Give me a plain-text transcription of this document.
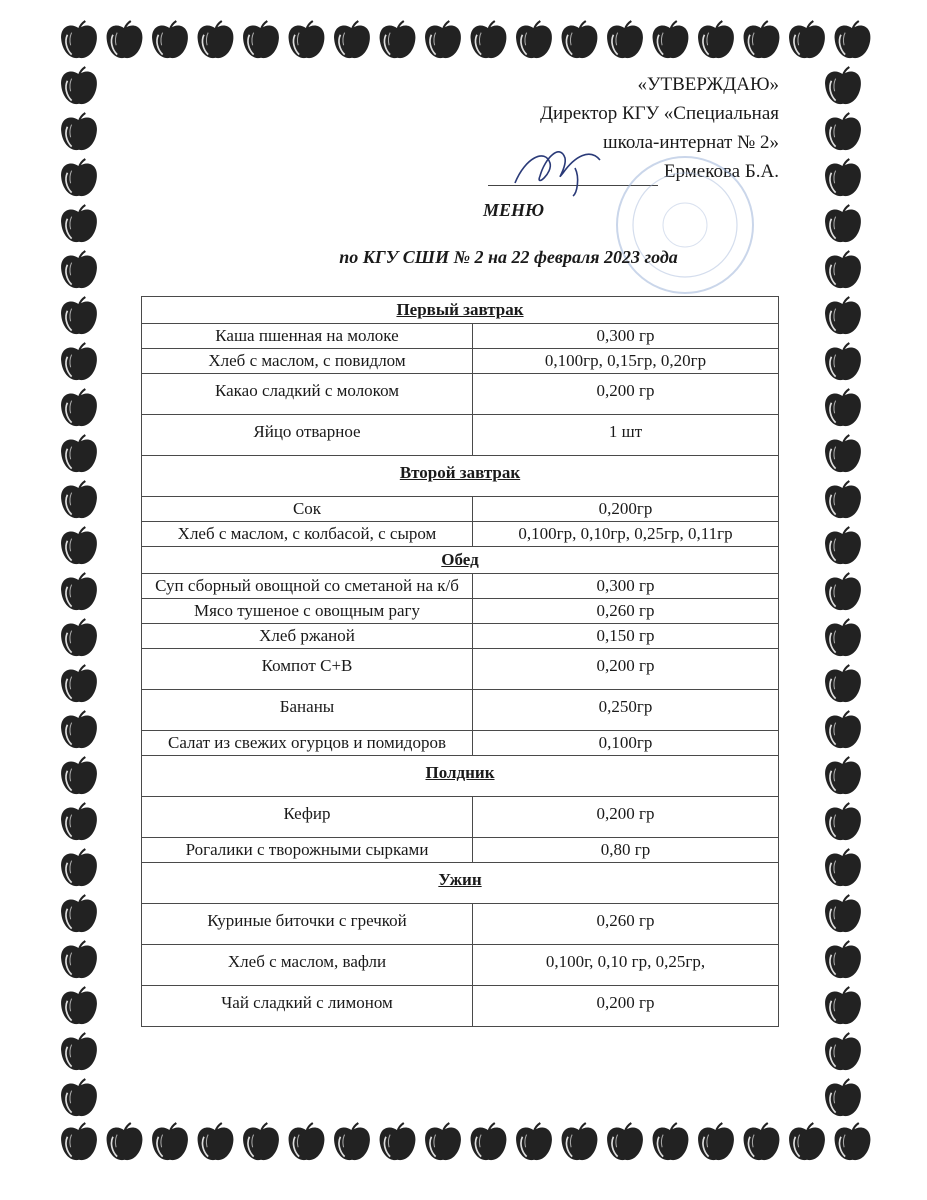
«УТВЕРЖДАЮ»
Директор КГУ «Специальная
школа-интернат № 2»
Ермекова Б.А.
МЕНЮ
по КГУ СШИ № 2 на 22 февраля 2023 года
Первый завтрак	
Каша пшенная на молоке	0,300 гр
Хлеб с маслом, с повидлом	0,100гр, 0,15гр, 0,20гр
Какао сладкий с молоком	0,200 гр
Яйцо отварное	1 шт
Второй завтрак	
Сок	0,200гр
Хлеб с маслом, с колбасой, с сыром	0,100гр, 0,10гр, 0,25гр, 0,11гр
Обед	
Суп сборный овощной со сметаной на к/б	0,300 гр
Мясо тушеное с овощным рагу	0,260 гр
Хлеб ржаной	0,150 гр
Компот С+В	0,200 гр
Бананы	0,250гр
Салат из свежих огурцов и помидоров	0,100гр
Полдник	
Кефир	0,200 гр
Рогалики с творожными сырками	0,80 гр
Ужин	
Куриные биточки с гречкой	0,260 гр
Хлеб с маслом, вафли	0,100г, 0,10 гр, 0,25гр,
Чай сладкий с лимоном	0,200 гр
